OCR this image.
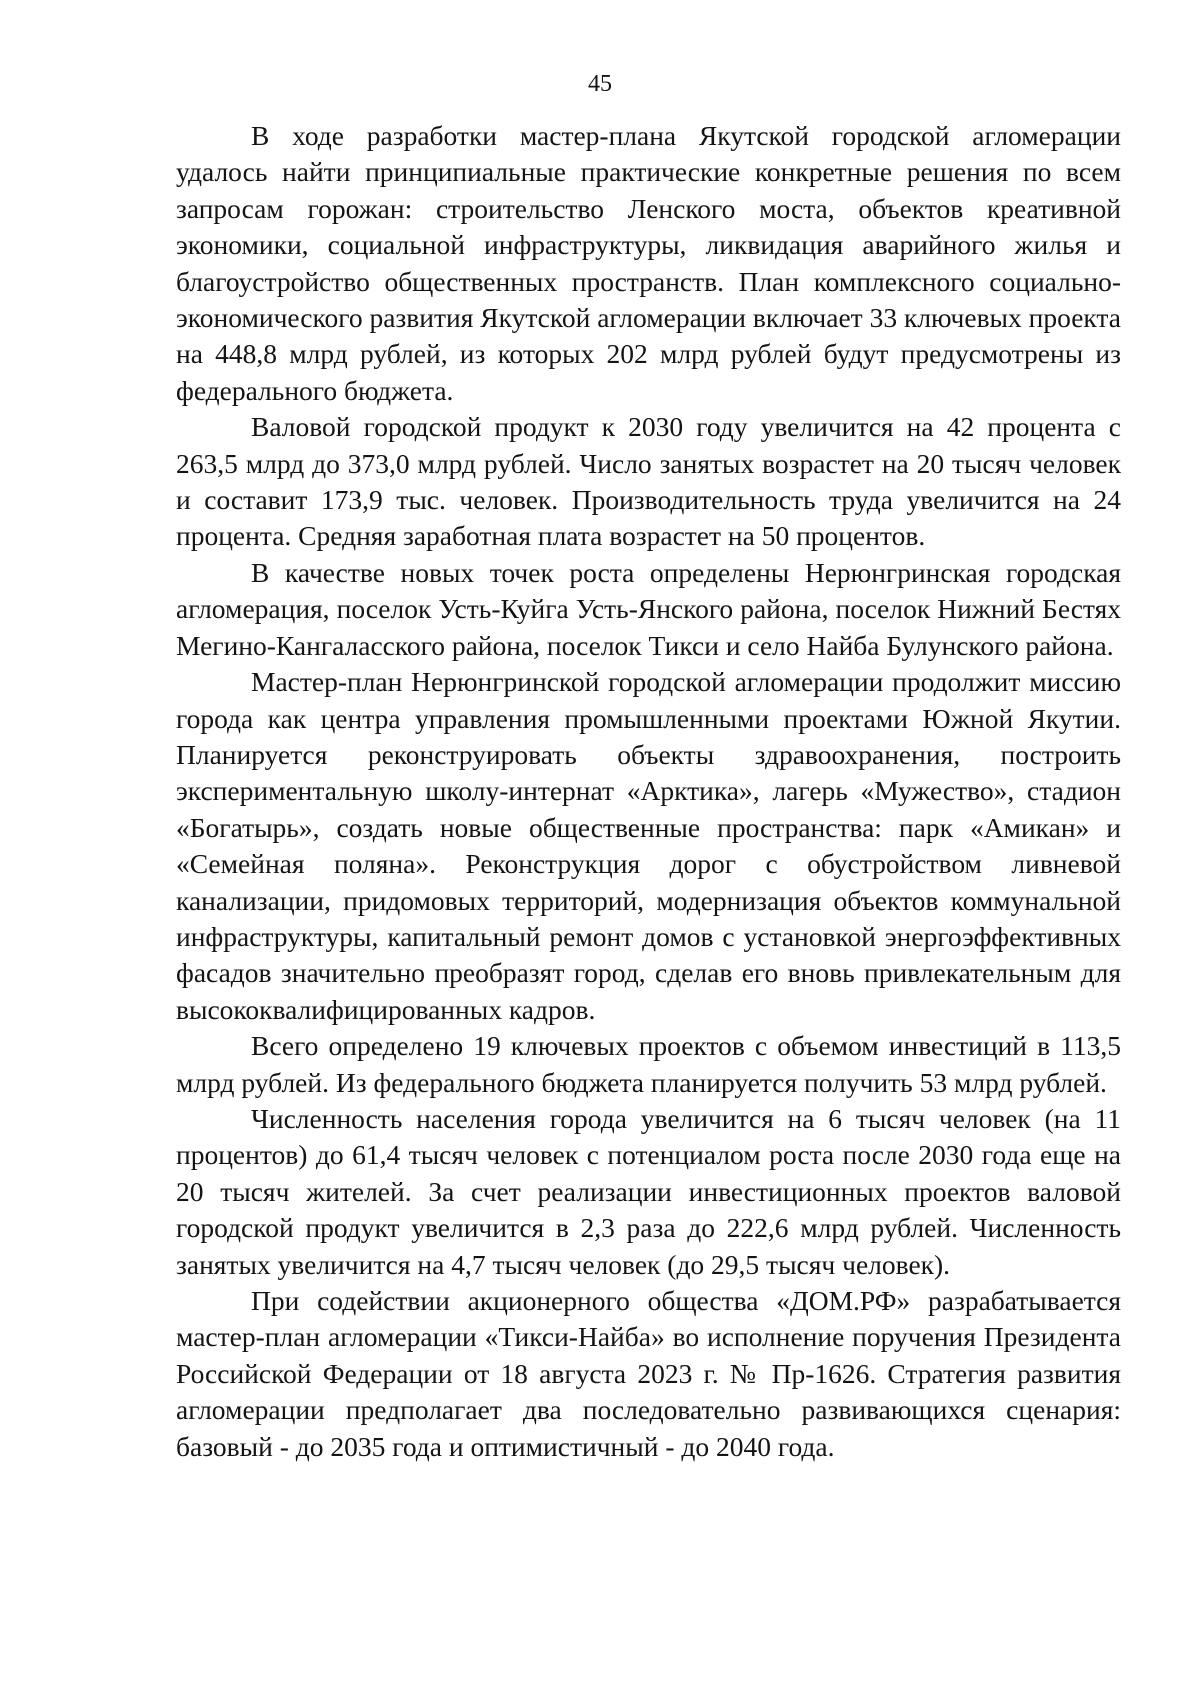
45

В ходе разработки мастер-плана Якутской городской агломерации удалось найти принципиальные практические конкретные решения по всем запросам горожан: строительство Ленского моста, объектов креативной экономики, социальной инфраструктуры, ликвидация аварийного жилья и благоустройство общественных пространств. План комплексного социально-экономического развития Якутской агломерации включает 33 ключевых проекта на 448,8 млрд рублей, из которых 202 млрд рублей будут предусмотрены из федерального бюджета.

Валовой городской продукт к 2030 году увеличится на 42 процента с 263,5 млрд до 373,0 млрд рублей. Число занятых возрастет на 20 тысяч человек и составит 173,9 тыс. человек. Производительность труда увеличится на 24 процента. Средняя заработная плата возрастет на 50 процентов.

В качестве новых точек роста определены Нерюнгринская городская агломерация, поселок Усть-Куйга Усть-Янского района, поселок Нижний Бестях Мегино-Кангаласского района, поселок Тикси и село Найба Булунского района.

Мастер-план Нерюнгринской городской агломерации продолжит миссию города как центра управления промышленными проектами Южной Якутии. Планируется реконструировать объекты здравоохранения, построить экспериментальную школу-интернат «Арктика», лагерь «Мужество», стадион «Богатырь», создать новые общественные пространства: парк «Амикан» и «Семейная поляна». Реконструкция дорог с обустройством ливневой канализации, придомовых территорий, модернизация объектов коммунальной инфраструктуры, капитальный ремонт домов с установкой энергоэффективных фасадов значительно преобразят город, сделав его вновь привлекательным для высококвалифицированных кадров.

Всего определено 19 ключевых проектов с объемом инвестиций в 113,5 млрд рублей. Из федерального бюджета планируется получить 53 млрд рублей.

Численность населения города увеличится на 6 тысяч человек (на 11 процентов) до 61,4 тысяч человек с потенциалом роста после 2030 года еще на 20 тысяч жителей. За счет реализации инвестиционных проектов валовой городской продукт увеличится в 2,3 раза до 222,6 млрд рублей. Численность занятых увеличится на 4,7 тысяч человек (до 29,5 тысяч человек).

При содействии акционерного общества «ДОМ.РФ» разрабатывается мастер-план агломерации «Тикси-Найба» во исполнение поручения Президента Российской Федерации от 18 августа 2023 г. № Пр-1626. Стратегия развития агломерации предполагает два последовательно развивающихся сценария: базовый - до 2035 года и оптимистичный - до 2040 года.
